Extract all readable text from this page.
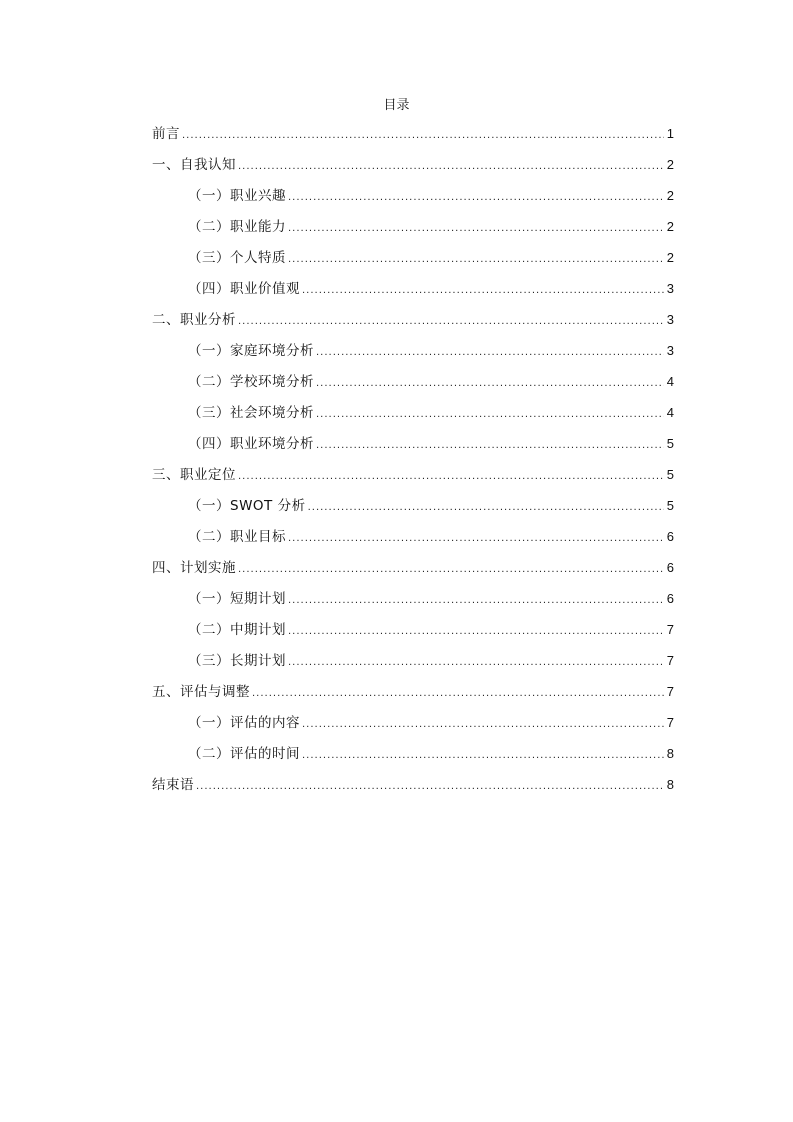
目录
前言 .....	1
一、自我认知 .....	2
（一）职业兴趣 .....	2
（二）职业能力 .....	2
（三）个人特质 .....	2
（四）职业价值观 .....	3
二、职业分析 .....	3
（一）家庭环境分析 .....	3
（二）学校环境分析 .....	4
（三）社会环境分析 .....	4
（四）职业环境分析 .....	5
三、职业定位 .....	5
（一）SWOT 分析 .....	5
（二）职业目标 .....	6
四、计划实施 .....	6
（一）短期计划 .....	6
（二）中期计划 .....	7
（三）长期计划 .....	7
五、评估与调整 .....	7
（一）评估的内容 .....	7
（二）评估的时间 .....	8
结束语 .....	8
